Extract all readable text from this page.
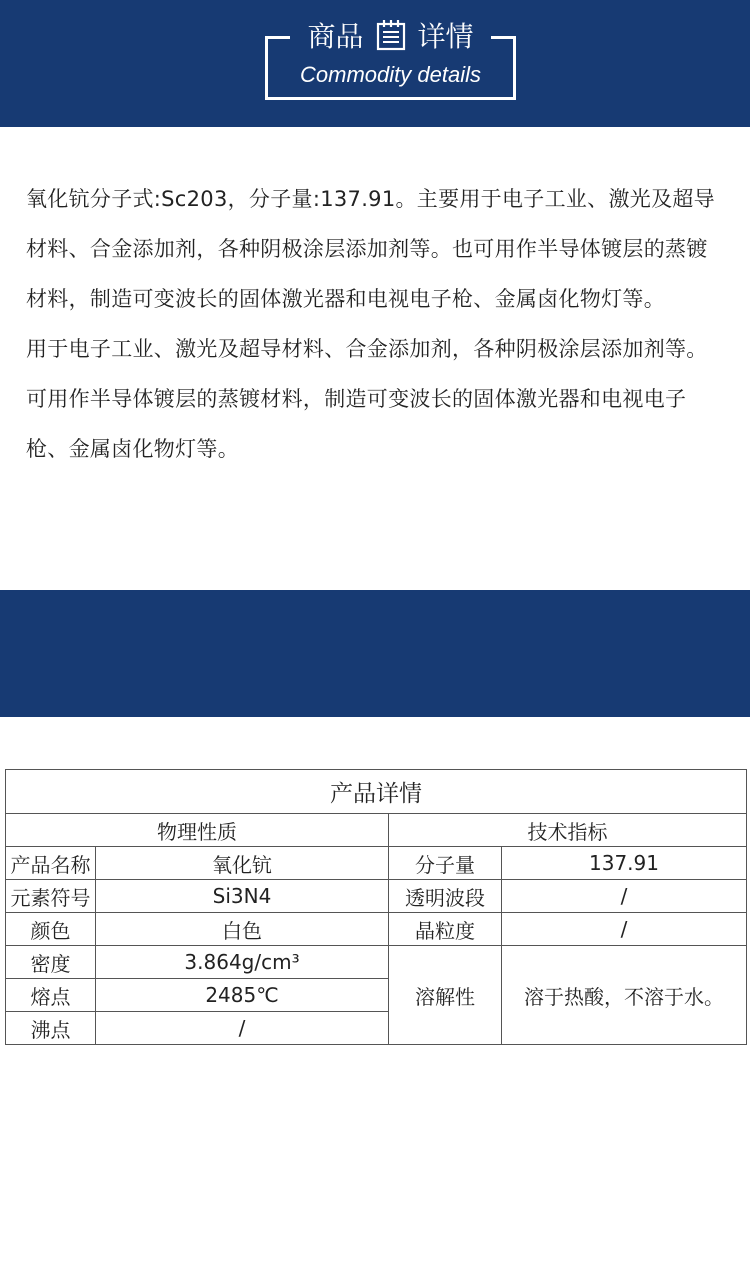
商品 详情
Commodity details

氧化钪分子式:Sc203，分子量:137.91。主要用于电子工业、激光及超导材料、合金添加剂，各种阴极涂层添加剂等。也可用作半导体镀层的蒸镀材料，制造可变波长的固体激光器和电视电子枪、金属卤化物灯等。

用于电子工业、激光及超导材料、合金添加剂，各种阴极涂层添加剂等。可用作半导体镀层的蒸镀材料，制造可变波长的固体激光器和电视电子枪、金属卤化物灯等。

产品 详情
Chemical composition
产品详情			
物理性质		技术指标	
产品名称	氧化钪	分子量	137.91
元素符号	Si3N4	透明波段	/
颜色	白色	晶粒度	/
密度	3.864g/cm³	溶解性	溶于热酸，不溶于水。
熔点	2485℃		
沸点	/		
